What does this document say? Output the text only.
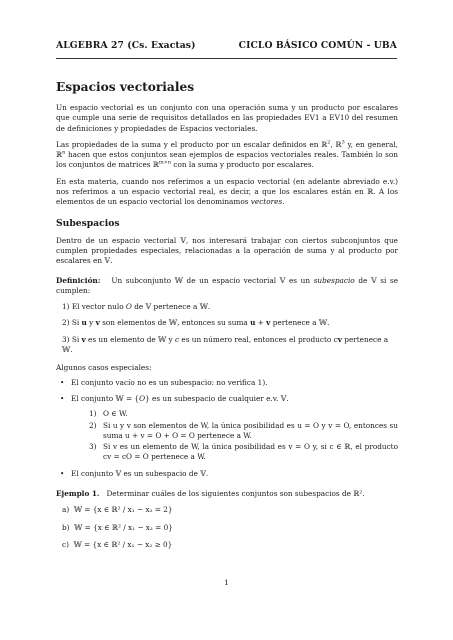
ALGEBRA 27 (Cs. Exactas)	CICLO BÁSICO COMÚN - UBA
Espacios vectoriales

Un espacio vectorial es un conjunto con una operación suma y un producto por escalares que cumple una serie de requisitos detallados en las propiedades EV1 a EV10 del resumen de definiciones y propiedades de Espacios vectoriales.

Las propiedades de la suma y el producto por un escalar definidos en ℝ$^2$, ℝ$^3$ y, en general, ℝ$^n$ hacen que estos conjuntos sean ejemplos de espacios vectoriales reales. También lo son los conjuntos de matrices ℝ$^{m\times n}$ con la suma y producto por escalares.

En esta materia, cuando nos referimos a un espacio vectorial (en adelante abreviado e.v.) nos referimos a un espacio vectorial real, es decir, a que los escalares están en ℝ. A los elementos de un espacio vectorial los denominamos vectores.

Subespacios

Dentro de un espacio vectorial 𝕍, nos interesará trabajar con ciertos subconjuntos que cumplen propiedades especiales, relacionadas a la operación de suma y al producto por escalares en 𝕍.

Definición: Un subconjunto 𝕎 de un espacio vectorial 𝕍 es un subespacio de 𝕍 si se cumplen:

1) El vector nulo O de 𝕍 pertenece a 𝕎.
2) Si u y v son elementos de 𝕎, entonces su suma u + v pertenece a 𝕎.
3) Si v es un elemento de 𝕎 y c es un número real, entonces el producto cv pertenece a 𝕎.

Algunos casos especiales:

• El conjunto vacío no es un subespacio: no verifica 1).
• El conjunto 𝕎 = {O} es un subespacio de cualquier e.v. 𝕍.
1) O ∈ W.
2) Si u y v son elementos de W, la única posibilidad es u = O y v = O, entonces su suma u + v = O + O = O pertenece a W.
3) Si v es un elemento de W, la única posibilidad es v = O y, si c ∈ ℝ, el producto cv = cO = O pertenece a W.
• El conjunto 𝕍 es un subespacio de 𝕍.

Ejemplo 1. Determinar cuáles de los siguientes conjuntos son subespacios de ℝ².

a) 𝕎 = {x ∈ ℝ² / x₁ − x₂ = 2}
b) 𝕎 = {x ∈ ℝ² / x₁ − x₂ = 0}
c) 𝕎 = {x ∈ ℝ² / x₁ − x₂ ≥ 0}
1
